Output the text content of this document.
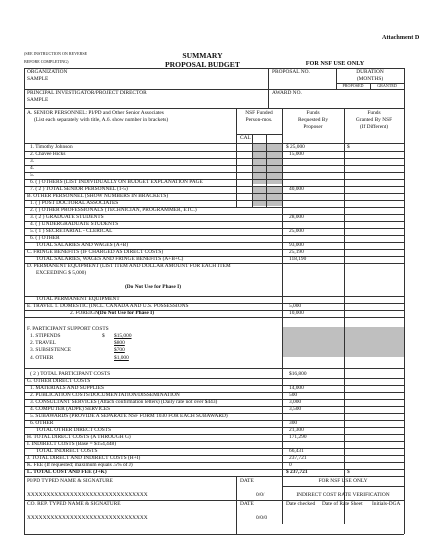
Attachment D
(SEE INSTRUCTION ON REVERSE
BEFORE COMPLETING)
SUMMARY
PROPOSAL BUDGET	FOR NSF USE ONLY
ORGANIZATION
SAMPLE
PROPOSAL NO.	DURATION
(MONTHS)
PROPOSED	GRANTED
PRINCIPAL INVESTIGATOR/PROJECT DIRECTOR
SAMPLE
AWARD NO.
A. SENIOR PERSONNEL: PI/PD and Other Senior Associates
(List each separately with title, A.6. show number in brackets)
NSF Funded
Person-mos.
Funds
Requested By
Proposer
Funds
Granted By NSF
(If Different)
CAL
1. Timothy Johnson	$ 25,000	$
2. Chavee Hicks	15,000
3.
4.
5.
6. ( ) OTHERS (LIST INDIVIDUALLY ON BUDGET EXPLANATION PAGE
7. ( 2 ) TOTAL SENIOR PERSONNEL (1-5)	40,000
B. OTHER PERSONNEL (SHOW NUMBERS IN BRACKETS)
1. ( ) POST DOCTORAL ASSOCIATES
2. ( ) OTHER PROFESSIONALS (TECHNICIAN, PROGRAMMER, ETC.)
3. ( 2 ) GRADUATE STUDENTS	28,000
4. ( ) UNDERGRADUATE STUDENTS
5. ( 1 ) SECRETARIAL - CLERICAL	25,000
6. ( ) OTHER
TOTAL SALARIES AND WAGES (A+B)	93,000
C. FRINGE BENEFITS (IF CHARGED AS DIRECT COSTS)	25,190
TOTAL SALARIES, WAGES AND FRINGE BENEFITS (A+B+C)	118,190
D. PERMANENT EQUIPMENT (LIST ITEM AND DOLLAR AMOUNT FOR EACH ITEM
EXCEEDING $ 5,000)
(Do Not Use for Phase I)
TOTAL PERMANENT EQUIPMENT
E. TRAVEL 1. DOMESTIC (INCL. CANADA AND U.S. POSSESSIONS	5,000
2. FOREIGN (Do Not Use for Phase I)	10,000
F. PARTICIPANT SUPPORT COSTS
1. STIPENDS	$ $15,000
2. TRAVEL	$800
3. SUBSISTENCE	$700
4. OTHER	$1,000
( 2 ) TOTAL PARTICIPANT COSTS	$16,800
G. OTHER DIRECT COSTS
1. MATERIALS AND SUPPLIES	14,000
2. PUBLICATION COSTS/DOCUMENTATION/DISSEMINATION	500
3. CONSULTANT SERVICES (Attach confirmation letters) (Daily rate not over $443)	3,000
4. COMPUTER (ADPE) SERVICES	3,500
5. SUBAWARDS (PROVIDE A SEPARATE NSF FORM 1030 FOR EACH SUBAWARD)
6. OTHER	300
TOTAL OTHER DIRECT COSTS	21,300
H. TOTAL DIRECT COSTS (A THROUGH G)	171,290
I. INDIRECT COSTS (Base = $154,448)
TOTAL INDIRECT COSTS	66,431
J. TOTAL DIRECT AND INDIRECT COSTS (H+I)	237,721
K. FEE (If requested; maximum equals .5% of J)	0
L. TOTAL COST AND FEE (J+K)	$ 237,721	$
PI/PD TYPED NAME & SIGNATURE	DATE	FOR NSF USE ONLY
XXXXXXXXXXXXXXXXXXXXXXXXXXXXXXX	0/0/	INDIRECT COST RATE VERIFICATION
CO. REP. TYPED NAME & SIGNATURE	DATE	Date checked Date of Rate Sheet Initials-DGA
XXXXXXXXXXXXXXXXXXXXXXXXXXXXXXX	0/0/0
